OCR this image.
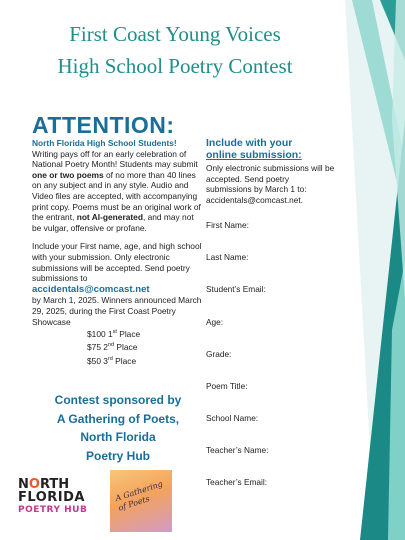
First Coast Young Voices
High School Poetry Contest
ATTENTION:

North Florida High School Students!
Writing pays off for an early celebration of National Poetry Month! Students may submit one or two poems of no more than 40 lines on any subject and in any style. Audio and Video files are accepted, with accompanying print copy. Poems must be an original work of the entrant, not AI-generated, and may not be vulgar, offensive or profane.

Include your First name, age, and high school with your submission. Only electronic submissions will be accepted. Send poetry submissions to
accidentals@comcast.net
by March 1, 2025. Winners announced March 29, 2025, during the First Coast Poetry Showcase

$100 1st Place
$75 2nd Place
$50 3rd Place
Contest sponsored by
A Gathering of Poets,
North Florida
Poetry Hub
NORTH
FLORIDA
POETRY HUB
A Gathering of Poets
Include with your
online submission:
Only electronic submissions will be accepted. Send poetry submissions by March 1 to: accidentals@comcast.net.
First Name:
Last Name:
Student’s Email:
Age:
Grade:
Poem Title:
School Name:
Teacher’s Name:
Teacher’s Email:
